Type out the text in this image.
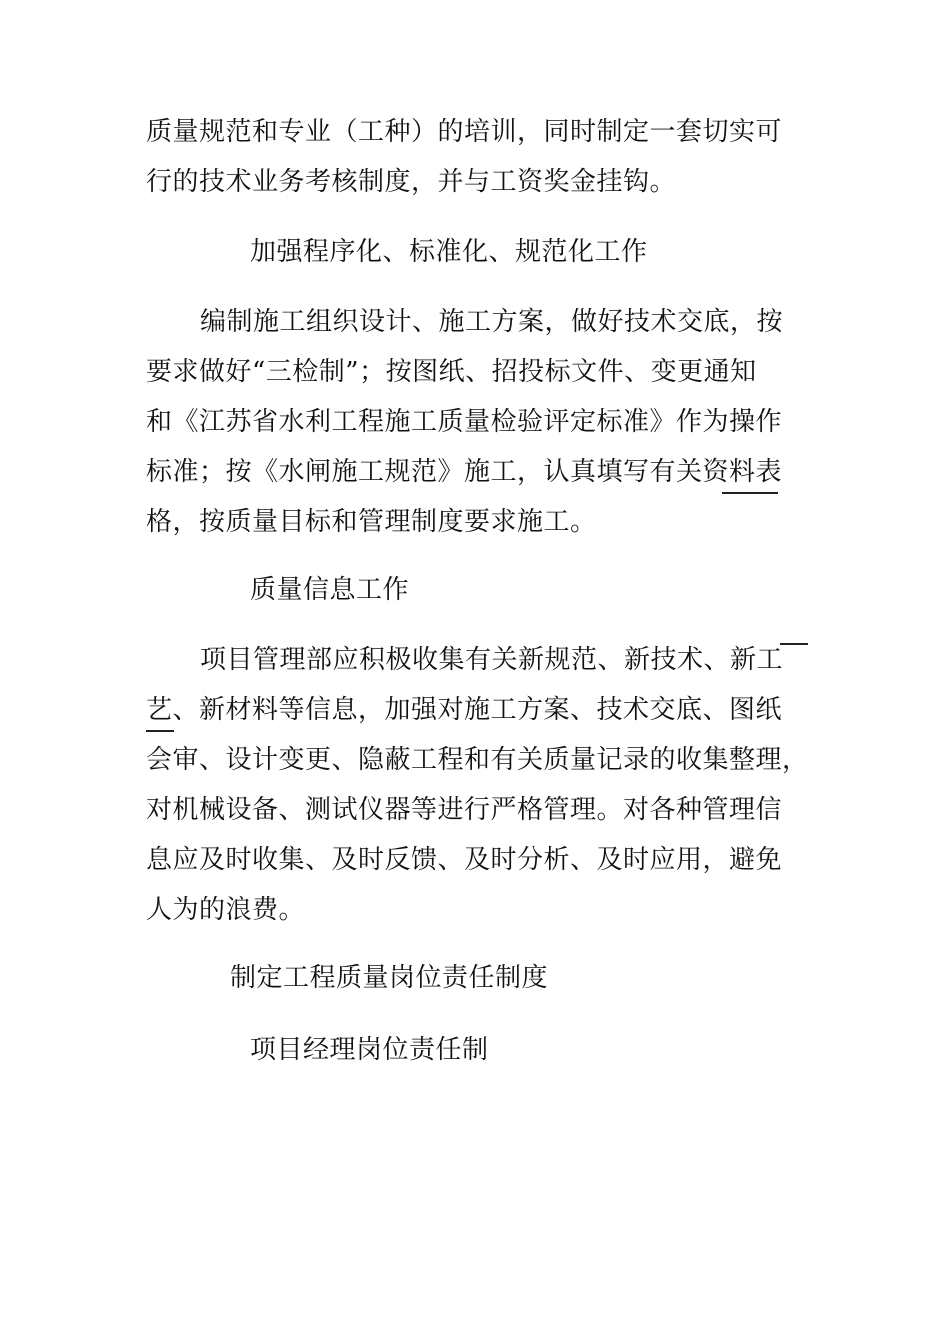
质量规范和专业（工种）的培训，同时制定一套切实可
行的技术业务考核制度，并与工资奖金挂钩。
加强程序化、标准化、规范化工作
编制施工组织设计、施工方案，做好技术交底，按
要求做好“三检制”；按图纸、招投标文件、变更通知
和《江苏省水利工程施工质量检验评定标准》作为操作
标准；按《水闸施工规范》施工，认真填写有关资料表
格，按质量目标和管理制度要求施工。
质量信息工作
项目管理部应积极收集有关新规范、新技术、新工
艺、新材料等信息，加强对施工方案、技术交底、图纸
会审、设计变更、隐蔽工程和有关质量记录的收集整理，
对机械设备、测试仪器等进行严格管理。对各种管理信
息应及时收集、及时反馈、及时分析、及时应用，避免
人为的浪费。
制定工程质量岗位责任制度
项目经理岗位责任制
